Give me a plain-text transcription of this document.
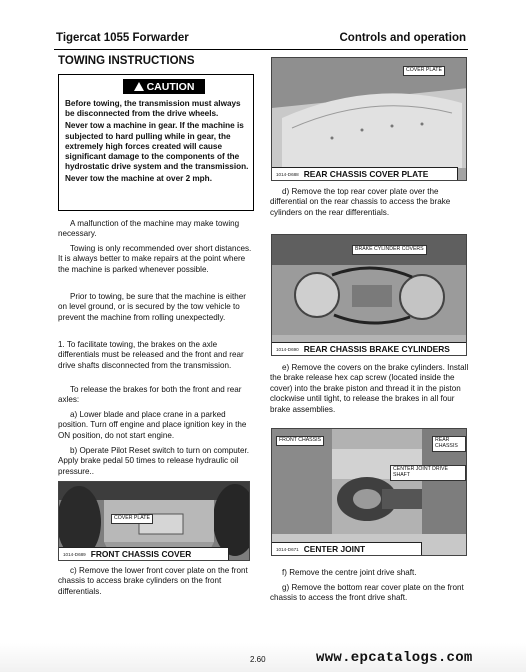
Tigercat 1055 Forwarder	Controls and operation
TOWING INSTRUCTIONS
CAUTION

Before towing, the transmission must always be disconnected from the drive wheels.

Never tow a machine in gear. If the machine is subjected to hard pulling while in gear, the extremely high forces created will cause significant damage to the components of the hydrostatic drive system and the transmission.

Never tow the machine at over 2 mph.

A malfunction of the machine may make towing necessary.
Towing is only recommended over short distances. It is always better to make repairs at the point where the machine is parked whenever possible.
Prior to towing, be sure that the machine is either on level ground, or is secured by the tow vehicle to prevent the machine from rolling unexpectedly.
1. To facilitate towing, the brakes on the axle differentials must be released and the front and rear drive shafts disconnected from the transmission.
To release the brakes for both the front and rear axles:
a) Lower blade and place crane in a parked position. Turn off engine and place ignition key in the ON position, do not start engine.
b) Operate Pilot Reset switch to turn on computer. Apply brake pedal 50 times to release hydraulic oil pressure..
COVER PLATE
1014-D689 FRONT CHASSIS COVER
c) Remove the lower front cover plate on the front chassis to access brake cylinders on the front differentials.
COVER PLATE
1014-D688 REAR CHASSIS COVER PLATE
d) Remove the top rear cover plate over the differential on the rear chassis to access the brake cylinders on the rear differentials.
BRAKE CYLINDER COVERS
1014-D690 REAR CHASSIS BRAKE CYLINDERS
e) Remove the covers on the brake cylinders. Install the brake release hex cap screw (located inside the cover) into the brake piston and thread it in the piston clockwise until tight, to release the brakes in all four brake assemblies.
FRONT CHASSIS	REAR CHASSIS
CENTER JOINT DRIVE SHAFT
1014-D671 CENTER JOINT
f) Remove the centre joint drive shaft.
g) Remove the bottom rear cover plate on the front chassis to access the front drive shaft.
2.60	www.epcatalogs.com
